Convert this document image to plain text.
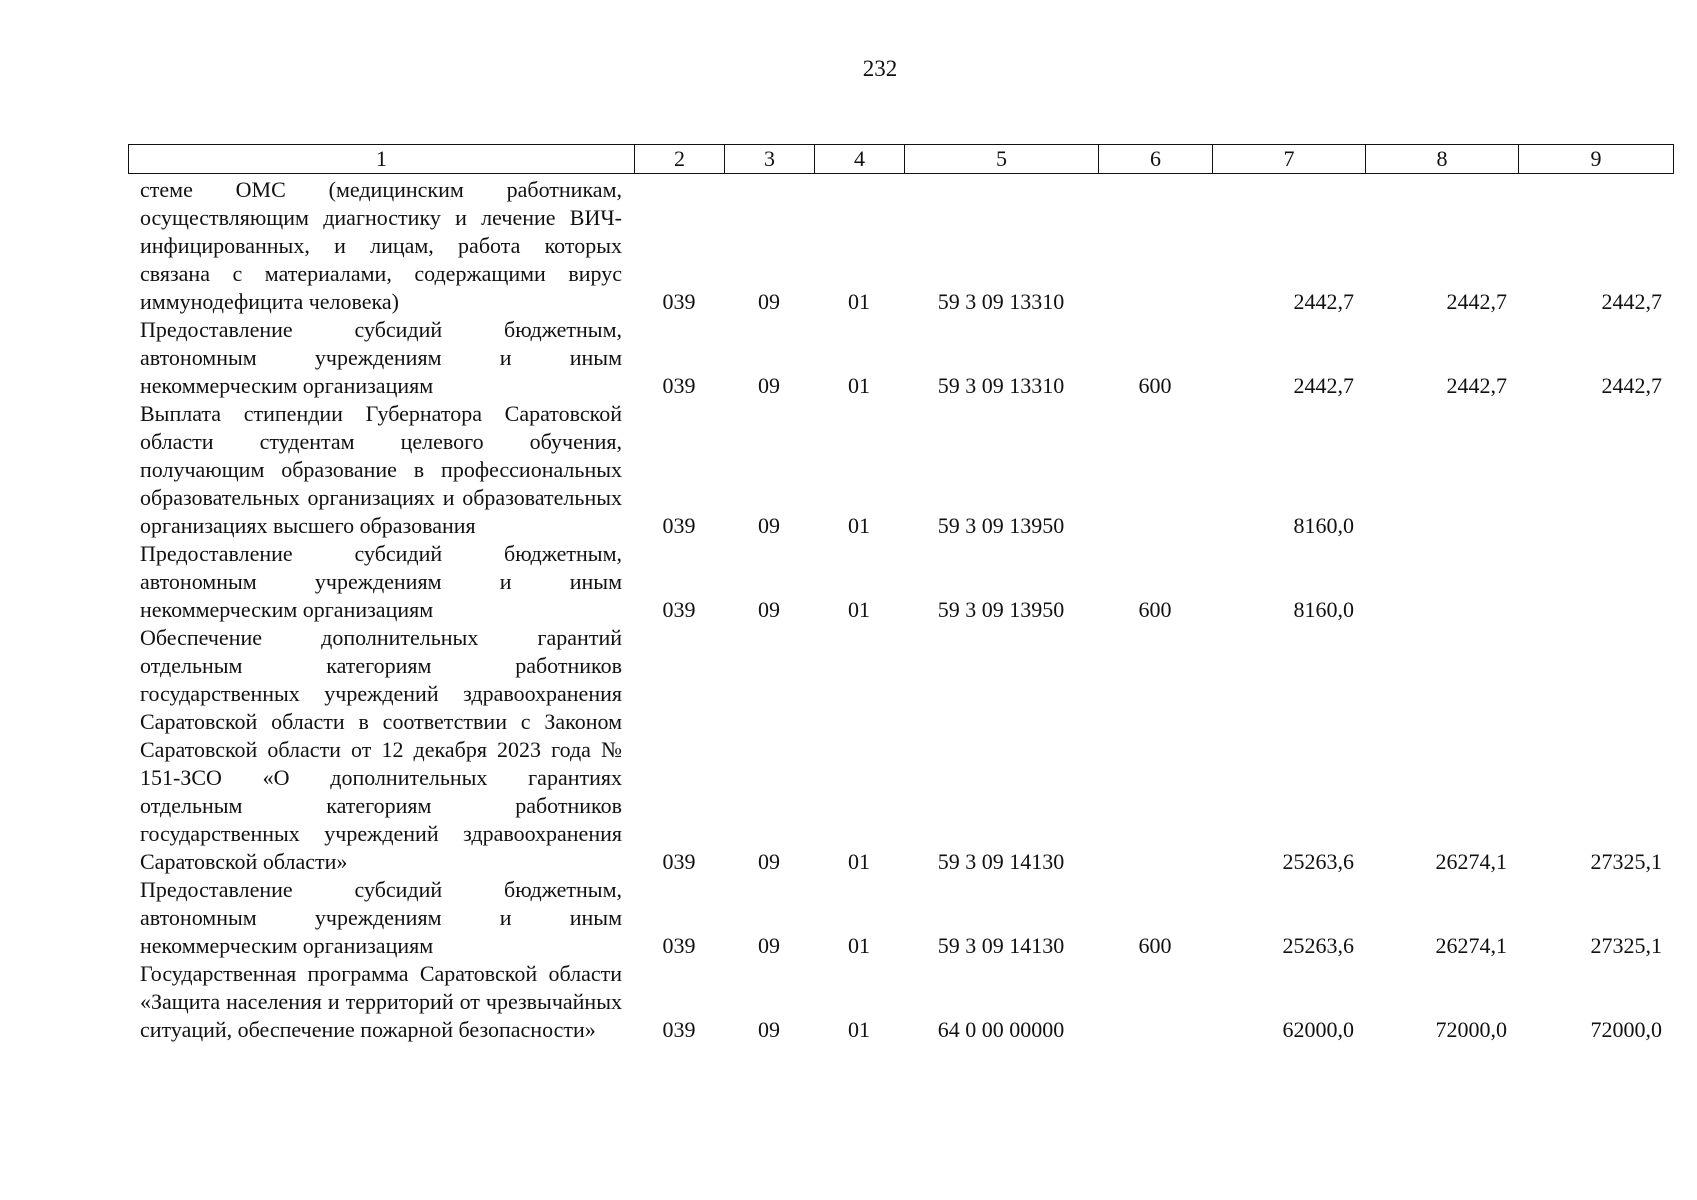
232
1	2	3	4	5	6	7	8	9
стеме ОМС (медицинским работникам, осуществляющим диагностику и лечение ВИЧ-инфицированных, и лицам, работа которых связана с материалами, содержащими вирус иммунодефицита человека)	039	09	01	59 3 09 13310		2442,7	2442,7	2442,7
Предоставление субсидий бюджетным, автономным учреждениям и иным некоммерческим организациям	039	09	01	59 3 09 13310	600	2442,7	2442,7	2442,7
Выплата стипендии Губернатора Саратовской области студентам целевого обучения, получающим образование в профессиональных образовательных организациях и образовательных организациях высшего образования	039	09	01	59 3 09 13950		8160,0		
Предоставление субсидий бюджетным, автономным учреждениям и иным некоммерческим организациям	039	09	01	59 3 09 13950	600	8160,0		
Обеспечение дополнительных гарантий отдельным категориям работников государственных учреждений здравоохранения Саратовской области в соответствии с Законом Саратовской области от 12 декабря 2023 года № 151-ЗСО «О дополнительных гарантиях отдельным категориям работников государственных учреждений здравоохранения Саратовской области»	039	09	01	59 3 09 14130		25263,6	26274,1	27325,1
Предоставление субсидий бюджетным, автономным учреждениям и иным некоммерческим организациям	039	09	01	59 3 09 14130	600	25263,6	26274,1	27325,1
Государственная программа Саратовской области «Защита населения и территорий от чрезвычайных ситуаций, обеспечение пожарной безопасности»	039	09	01	64 0 00 00000		62000,0	72000,0	72000,0
